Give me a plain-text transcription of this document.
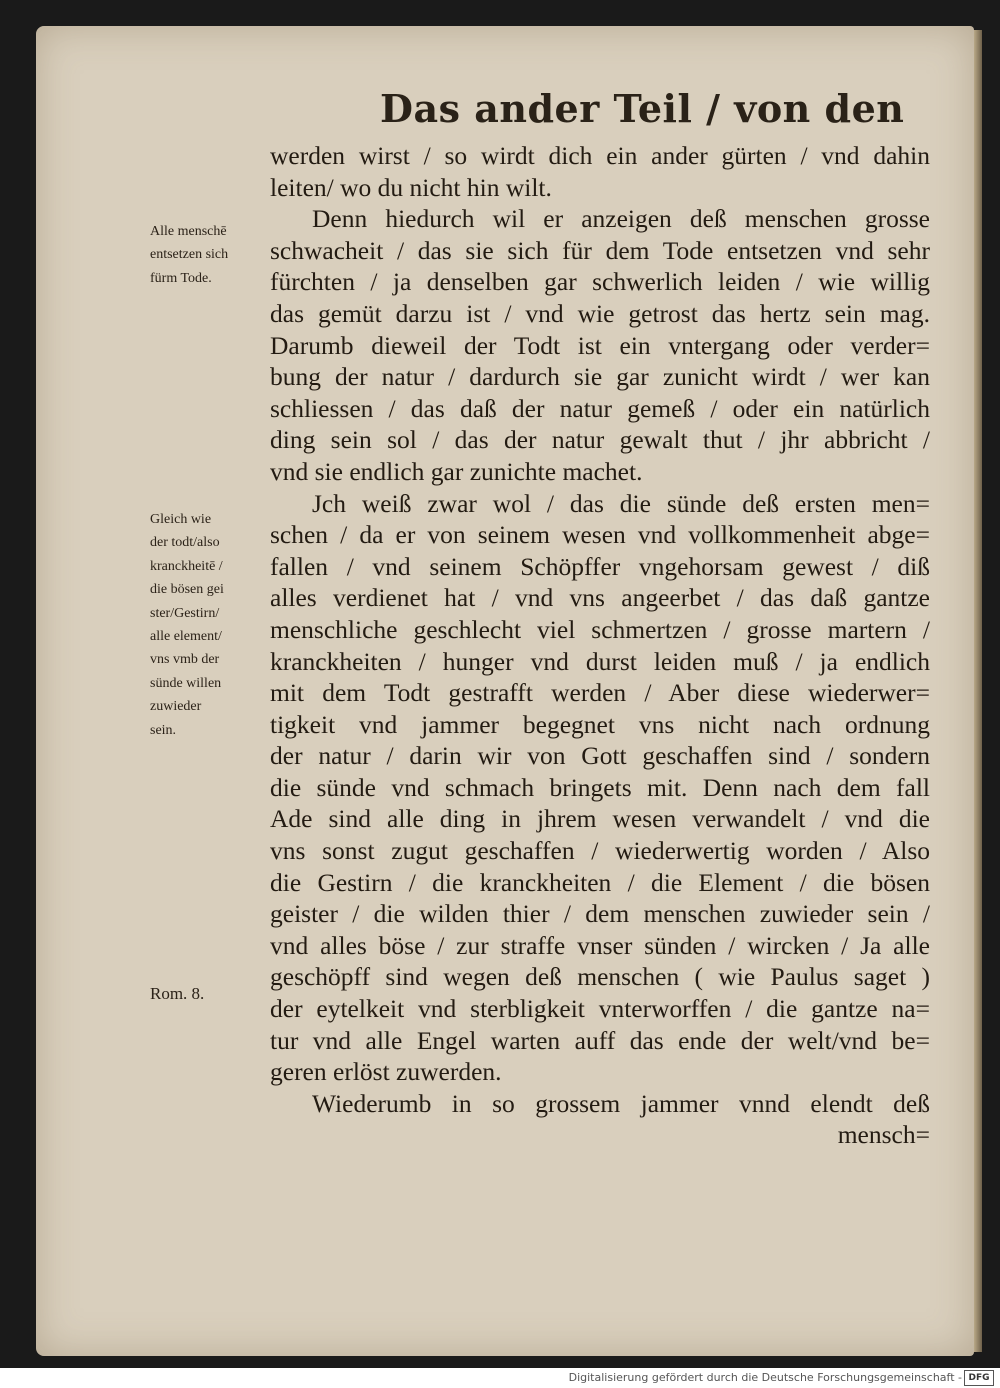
Das ander Teil / von den
werden wirst / so wirdt dich ein ander gürten / vnd dahin
leiten/ wo du nicht hin wilt.
Denn hiedurch wil er anzeigen deß menschen grosse
schwacheit / das sie sich für dem Tode entsetzen vnd sehr
fürchten / ja denselben gar schwerlich leiden / wie willig
das gemüt darzu ist / vnd wie getrost das hertz sein mag.
Darumb dieweil der Todt ist ein vntergang oder verder=
bung der natur / dardurch sie gar zunicht wirdt / wer kan
schliessen / das daß der natur gemeß / oder ein natürlich
ding sein sol / das der natur gewalt thut / jhr abbricht /
vnd sie endlich gar zunichte machet.
Jch weiß zwar wol / das die sünde deß ersten men=
schen / da er von seinem wesen vnd vollkommenheit abge=
fallen / vnd seinem Schöpffer vngehorsam gewest / diß
alles verdienet hat / vnd vns angeerbet / das daß gantze
menschliche geschlecht viel schmertzen / grosse martern /
kranckheiten / hunger vnd durst leiden muß / ja endlich
mit dem Todt gestrafft werden / Aber diese wiederwer=
tigkeit vnd jammer begegnet vns nicht nach ordnung
der natur / darin wir von Gott geschaffen sind / sondern
die sünde vnd schmach bringets mit. Denn nach dem fall
Ade sind alle ding in jhrem wesen verwandelt / vnd die
vns sonst zugut geschaffen / wiederwertig worden / Also
die Gestirn / die kranckheiten / die Element / die bösen
geister / die wilden thier / dem menschen zuwieder sein /
vnd alles böse / zur straffe vnser sünden / wircken / Ja alle
geschöpff sind wegen deß menschen ( wie Paulus saget )
der eytelkeit vnd sterbligkeit vnterworffen / die gantze na=
tur vnd alle Engel warten auff das ende der welt/vnd be=
geren erlöst zuwerden.
Wiederumb in so grossem jammer vnnd elendt deß
mensch=
Alle menschē
entsetzen sich
fürm Tode.
Gleich wie
der todt/also
kranckheitē /
die bösen gei
ster/Gestirn/
alle element/
vns vmb der
sünde willen
zuwieder
sein.
Rom. 8.
Digitalisierung gefördert durch die Deutsche Forschungsgemeinschaft - DFG
